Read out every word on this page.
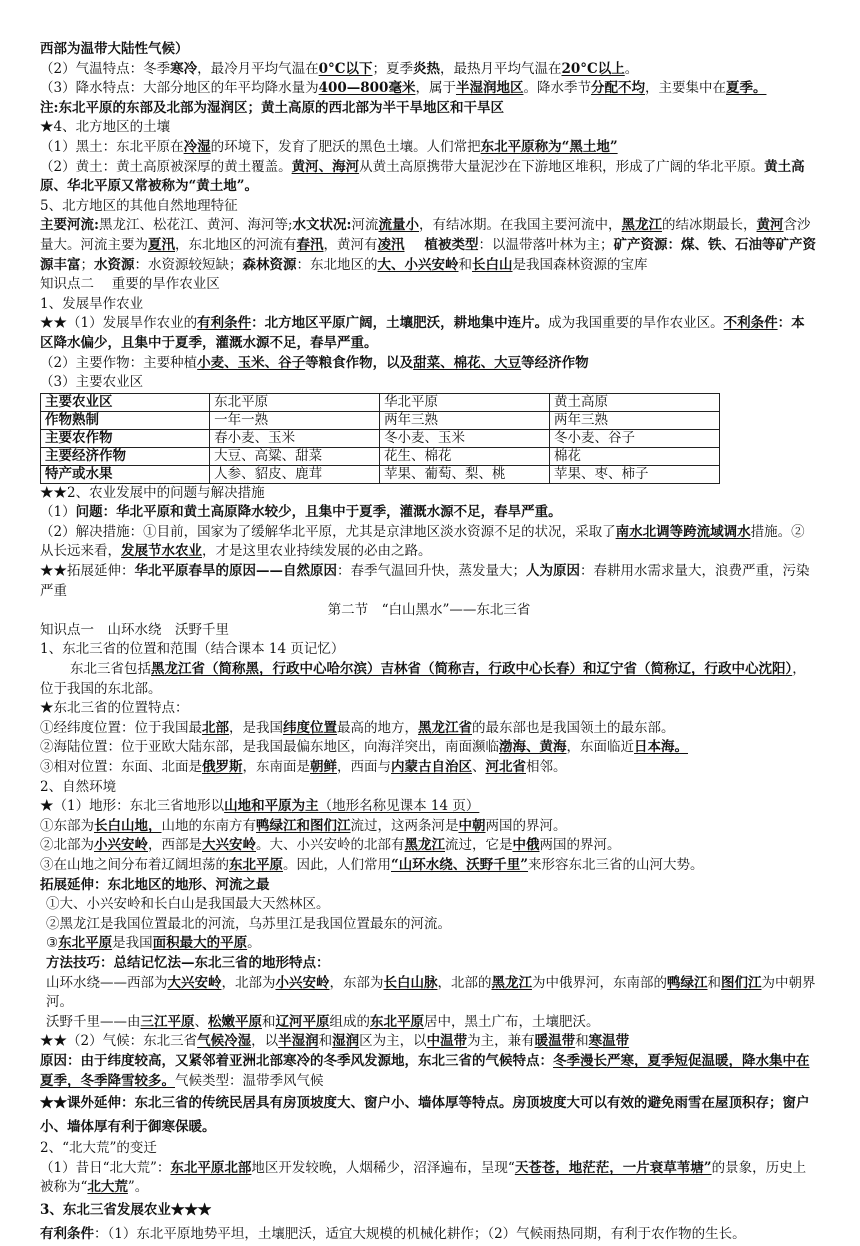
西部为温带大陆性气候）

（2）气温特点：冬季寒冷，最冷月平均气温在0°C以下；夏季炎热，最热月平均气温在20°C以上。

（3）降水特点：大部分地区的年平均降水量为400—800毫米，属于半湿润地区。降水季节分配不均，主要集中在夏季。

注:东北平原的东部及北部为湿润区；黄土高原的西北部为半干旱地区和干旱区

★4、北方地区的土壤

（1）黑土：东北平原在冷湿的环境下，发育了肥沃的黑色土壤。人们常把东北平原称为“黑土地”

（2）黄土：黄土高原被深厚的黄土覆盖。黄河、海河从黄土高原携带大量泥沙在下游地区堆积，形成了广阔的华北平原。黄土高原、华北平原又常被称为“黄土地”。

5、北方地区的其他自然地理特征

主要河流:黑龙江、松花江、黄河、海河等;水文状况:河流流量小，有结冰期。在我国主要河流中，黑龙江的结冰期最长，黄河含沙量大。河流主要为夏汛，东北地区的河流有春汛，黄河有凌汛 植被类型：以温带落叶林为主；矿产资源：煤、铁、石油等矿产资源丰富；水资源：水资源较短缺；森林资源：东北地区的大、小兴安岭和长白山是我国森林资源的宝库

知识点二　 重要的旱作农业区

1、发展旱作农业

★★（1）发展旱作农业的有利条件：北方地区平原广阔，土壤肥沃，耕地集中连片。成为我国重要的旱作农业区。不利条件：本区降水偏少，且集中于夏季，灌溉水源不足，春旱严重。

（2）主要作物：主要种植小麦、玉米、谷子等粮食作物，以及甜菜、棉花、大豆等经济作物

（3）主要农业区

主要农业区	东北平原	华北平原	黄土高原
作物熟制	一年一熟	两年三熟	两年三熟
主要农作物	春小麦、玉米	冬小麦、玉米	冬小麦、谷子
主要经济作物	大豆、高粱、甜菜	花生、棉花	棉花
特产或水果	人参、貂皮、鹿茸	苹果、葡萄、梨、桃	苹果、枣、柿子

★★2、农业发展中的问题与解决措施

（1）问题：华北平原和黄土高原降水较少，且集中于夏季，灌溉水源不足，春旱严重。

（2）解决措施：①目前，国家为了缓解华北平原，尤其是京津地区淡水资源不足的状况，采取了南水北调等跨流域调水措施。②从长远来看，发展节水农业，才是这里农业持续发展的必由之路。

★★拓展延伸：华北平原春旱的原因——自然原因：春季气温回升快，蒸发量大；人为原因：春耕用水需求量大，浪费严重，污染严重

第二节　“白山黑水”——东北三省

知识点一　山环水绕　沃野千里

1、东北三省的位置和范围（结合课本 14 页记忆）

东北三省包括黑龙江省（简称黑，行政中心哈尔滨）吉林省（简称吉，行政中心长春）和辽宁省（简称辽，行政中心沈阳），位于我国的东北部。

★东北三省的位置特点：

①经纬度位置：位于我国最北部，是我国纬度位置最高的地方，黑龙江省的最东部也是我国领土的最东部。

②海陆位置：位于亚欧大陆东部，是我国最偏东地区，向海洋突出，南面濒临渤海、黄海，东面临近日本海。

③相对位置：东面、北面是俄罗斯，东南面是朝鲜，西面与内蒙古自治区、河北省相邻。

2、自然环境

★（1）地形：东北三省地形以山地和平原为主（地形名称见课本 14 页）

①东部为长白山地，山地的东南方有鸭绿江和图们江流过，这两条河是中朝两国的界河。

②北部为小兴安岭，西部是大兴安岭。大、小兴安岭的北部有黑龙江流过，它是中俄两国的界河。

③在山地之间分布着辽阔坦荡的东北平原。因此，人们常用“山环水绕、沃野千里”来形容东北三省的山河大势。

拓展延伸：东北地区的地形、河流之最

①大、小兴安岭和长白山是我国最大天然林区。

②黑龙江是我国位置最北的河流，乌苏里江是我国位置最东的河流。

③东北平原是我国面积最大的平原。

方法技巧：总结记忆法—东北三省的地形特点：

山环水绕——西部为大兴安岭，北部为小兴安岭，东部为长白山脉，北部的黑龙江为中俄界河，东南部的鸭绿江和图们江为中朝界河。

沃野千里——由三江平原、松嫩平原和辽河平原组成的东北平原居中，黑土广布，土壤肥沃。

★★（2）气候：东北三省气候冷湿，以半湿润和湿润区为主，以中温带为主，兼有暖温带和寒温带

原因：由于纬度较高，又紧邻着亚洲北部寒冷的冬季风发源地，东北三省的气候特点：冬季漫长严寒，夏季短促温暖，降水集中在夏季，冬季降雪较多。气候类型：温带季风气候

★★课外延伸：东北三省的传统民居具有房顶坡度大、窗户小、墙体厚等特点。房顶坡度大可以有效的避免雨雪在屋顶积存；窗户小、墙体厚有利于御寒保暖。

2、“北大荒”的变迁

（1）昔日“北大荒”：东北平原北部地区开发较晚，人烟稀少，沼泽遍布，呈现“天苍苍，地茫茫，一片衰草苇塘”的景象，历史上被称为“北大荒”。

3、东北三省发展农业★★★

有利条件：（1）东北平原地势平坦，土壤肥沃，适宜大规模的机械化耕作；（2）气候雨热同期，有利于农作物的生长。
